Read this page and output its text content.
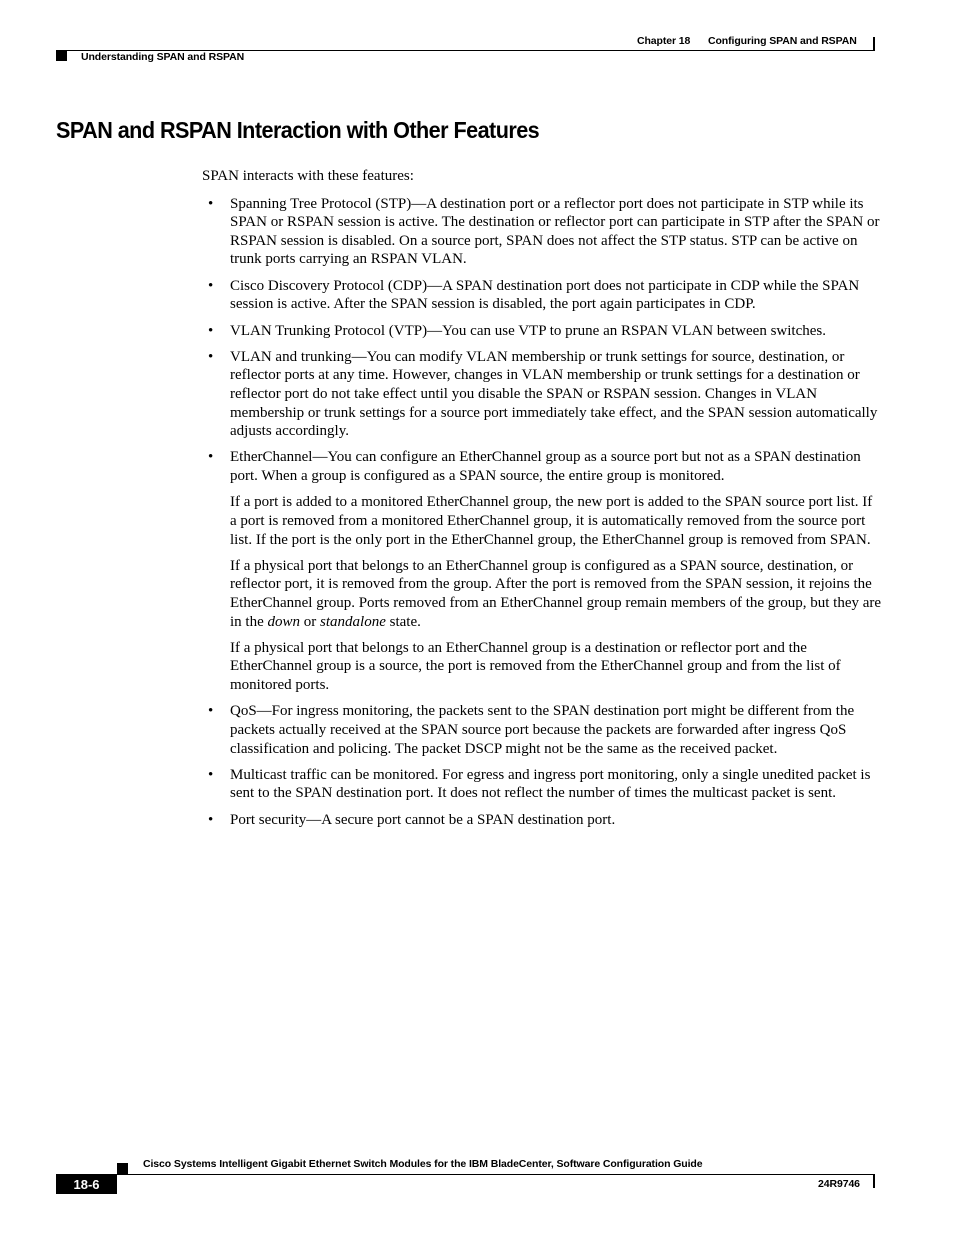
Chapter 18 Configuring SPAN and RSPAN
Understanding SPAN and RSPAN
SPAN and RSPAN Interaction with Other Features

SPAN interacts with these features:

• Spanning Tree Protocol (STP)—A destination port or a reflector port does not participate in STP while its SPAN or RSPAN session is active. The destination or reflector port can participate in STP after the SPAN or RSPAN session is disabled. On a source port, SPAN does not affect the STP status. STP can be active on trunk ports carrying an RSPAN VLAN.

• Cisco Discovery Protocol (CDP)—A SPAN destination port does not participate in CDP while the SPAN session is active. After the SPAN session is disabled, the port again participates in CDP.

• VLAN Trunking Protocol (VTP)—You can use VTP to prune an RSPAN VLAN between switches.

• VLAN and trunking—You can modify VLAN membership or trunk settings for source, destination, or reflector ports at any time. However, changes in VLAN membership or trunk settings for a destination or reflector port do not take effect until you disable the SPAN or RSPAN session. Changes in VLAN membership or trunk settings for a source port immediately take effect, and the SPAN session automatically adjusts accordingly.

• EtherChannel—You can configure an EtherChannel group as a source port but not as a SPAN destination port. When a group is configured as a SPAN source, the entire group is monitored.

If a port is added to a monitored EtherChannel group, the new port is added to the SPAN source port list. If a port is removed from a monitored EtherChannel group, it is automatically removed from the source port list. If the port is the only port in the EtherChannel group, the EtherChannel group is removed from SPAN.

If a physical port that belongs to an EtherChannel group is configured as a SPAN source, destination, or reflector port, it is removed from the group. After the port is removed from the SPAN session, it rejoins the EtherChannel group. Ports removed from an EtherChannel group remain members of the group, but they are in the down or standalone state.

If a physical port that belongs to an EtherChannel group is a destination or reflector port and the EtherChannel group is a source, the port is removed from the EtherChannel group and from the list of monitored ports.

• QoS—For ingress monitoring, the packets sent to the SPAN destination port might be different from the packets actually received at the SPAN source port because the packets are forwarded after ingress QoS classification and policing. The packet DSCP might not be the same as the received packet.

• Multicast traffic can be monitored. For egress and ingress port monitoring, only a single unedited packet is sent to the SPAN destination port. It does not reflect the number of times the multicast packet is sent.

• Port security—A secure port cannot be a SPAN destination port.

Cisco Systems Intelligent Gigabit Ethernet Switch Modules for the IBM BladeCenter, Software Configuration Guide
18-6	24R9746
